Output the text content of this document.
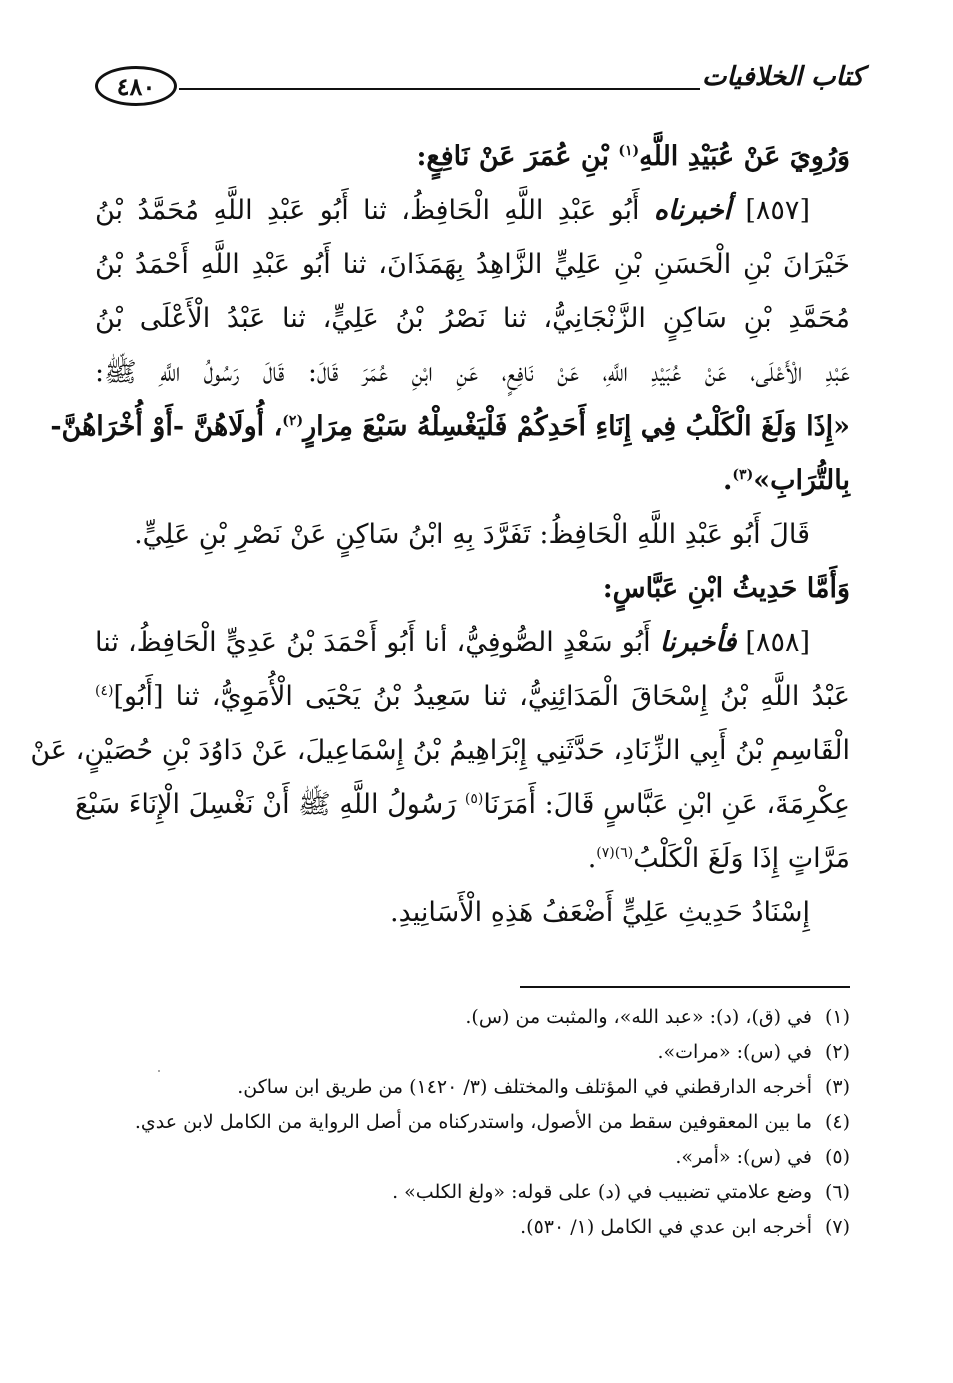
٤٨٠	كتاب الخلافيات
وَرُوِيَ عَنْ عُبَيْدِ اللَّهِ$^{(١)}$ بْنِ عُمَرَ عَنْ نَافِعٍ:
[٨٥٧] أخبرناه أَبُو عَبْدِ اللَّهِ الْحَافِظُ، ثنا أَبُو عَبْدِ اللَّهِ مُحَمَّدُ بْنُ
خَيْرَانَ بْنِ الْحَسَنِ بْنِ عَلِيٍّ الزَّاهِدُ بِهَمَذَانَ، ثنا أَبُو عَبْدِ اللَّهِ أَحْمَدُ بْنُ
مُحَمَّدِ بْنِ سَاكِنٍ الزَّنْجَانِيُّ، ثنا نَصْرُ بْنُ عَلِيٍّ، ثنا عَبْدُ الْأَعْلَى بْنُ
عَبْدِ الْأَعْلَى، عَنْ عُبَيْدِ اللَّهِ، عَنْ نَافِعٍ، عَنِ ابْنِ عُمَرَ قَالَ: قَالَ رَسُولُ اللَّهِ ﷺ:
«إِذَا وَلَغَ الْكَلْبُ فِي إِنَاءِ أَحَدِكُمْ فَلْيَغْسِلْهُ سَبْعَ مِرَارٍ$^{(٢)}$، أُولَاهُنَّ -أَوْ أُخْرَاهُنَّ-
بِالتُّرَابِ»$^{(٣)}$.
قَالَ أَبُو عَبْدِ اللَّهِ الْحَافِظُ: تَفَرَّدَ بِهِ ابْنُ سَاكِنٍ عَنْ نَصْرِ بْنِ عَلِيٍّ.
وَأَمَّا حَدِيثُ ابْنِ عَبَّاسٍ:
[٨٥٨] فأخبرنا أَبُو سَعْدٍ الصُّوفِيُّ، أنا أَبُو أَحْمَدَ بْنُ عَدِيٍّ الْحَافِظُ، ثنا
عَبْدُ اللَّهِ بْنُ إِسْحَاقَ الْمَدَائِنِيُّ، ثنا سَعِيدُ بْنُ يَحْيَى الْأُمَوِيُّ، ثنا [أَبُو]$^{(٤)}$
الْقَاسِمِ بْنُ أَبِي الزِّنَادِ، حَدَّثَنِي إِبْرَاهِيمُ بْنُ إِسْمَاعِيلَ، عَنْ دَاوُدَ بْنِ حُصَيْنٍ، عَنْ
عِكْرِمَةَ، عَنِ ابْنِ عَبَّاسٍ قَالَ: أَمَرَنَا$^{(٥)}$ رَسُولُ اللَّهِ ﷺ أَنْ نَغْسِلَ الْإِنَاءَ سَبْعَ
مَرَّاتٍ إِذَا وَلَغَ الْكَلْبُ$^{(٦)(٧)}$.
إِسْنَادُ حَدِيثِ عَلِيٍّ أَضْعَفُ هَذِهِ الْأَسَانِيدِ.
(١)في (ق)، (د): «عبد الله»، والمثبت من (س).
(٢)في (س): «مرات».
(٣)أخرجه الدارقطني في المؤتلف والمختلف (٣/ ١٤٢٠) من طريق ابن ساكن.
(٤)ما بين المعقوفين سقط من الأصول، واستدركناه من أصل الرواية من الكامل لابن عدي.
(٥)في (س): «أمر».
(٦)وضع علامتي تضبيب في (د) على قوله: «ولغ الكلب» .
(٧)أخرجه ابن عدي في الكامل (١/ ٥٣٠).
